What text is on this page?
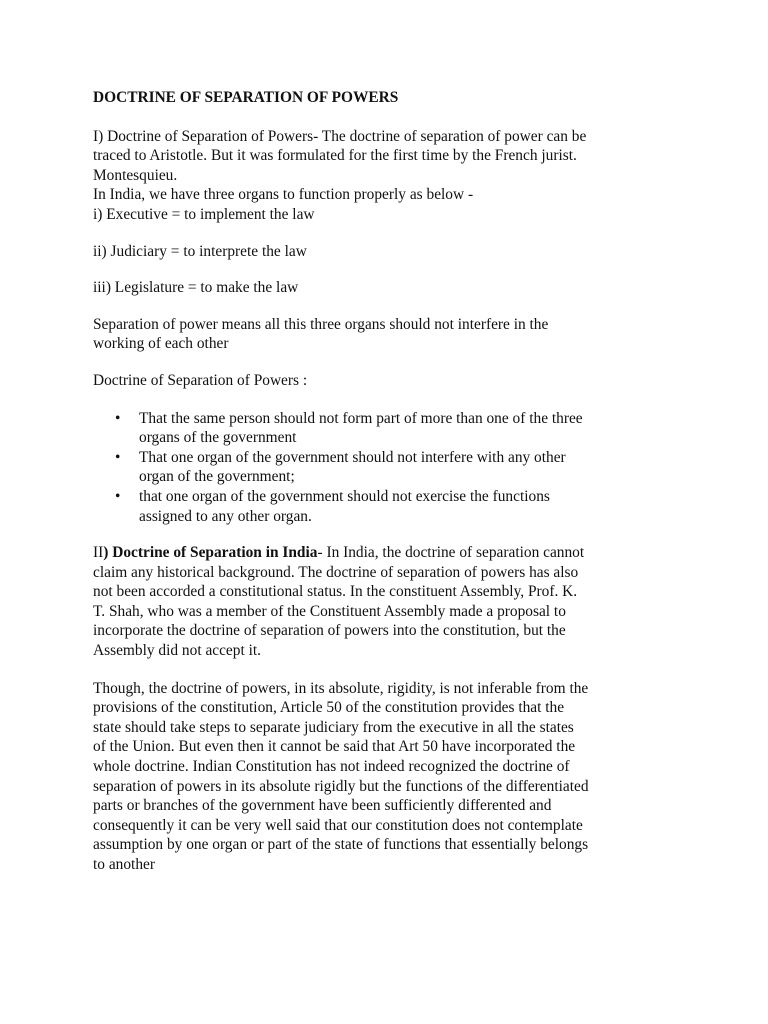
DOCTRINE OF SEPARATION OF POWERS

I) Doctrine of Separation of Powers- The doctrine of separation of power can be

traced to Aristotle. But it was formulated for the first time by the French jurist.

Montesquieu.

In India, we have three organs to function properly as below -

i) Executive = to implement the law

ii) Judiciary = to interprete the law

iii) Legislature = to make the law

Separation of power means all this three organs should not interfere in the

working of each other

Doctrine of Separation of Powers :

• That the same person should not form part of more than one of the three

organs of the government

• That one organ of the government should not interfere with any other

organ of the government;

• that one organ of the government should not exercise the functions

assigned to any other organ.

II) Doctrine of Separation in India- In India, the doctrine of separation cannot

claim any historical background. The doctrine of separation of powers has also

not been accorded a constitutional status. In the constituent Assembly, Prof. K.

T. Shah, who was a member of the Constituent Assembly made a proposal to

incorporate the doctrine of separation of powers into the constitution, but the

Assembly did not accept it.

Though, the doctrine of powers, in its absolute, rigidity, is not inferable from the

provisions of the constitution, Article 50 of the constitution provides that the

state should take steps to separate judiciary from the executive in all the states

of the Union. But even then it cannot be said that Art 50 have incorporated the

whole doctrine. Indian Constitution has not indeed recognized the doctrine of

separation of powers in its absolute rigidly but the functions of the differentiated

parts or branches of the government have been sufficiently differented and

consequently it can be very well said that our constitution does not contemplate

assumption by one organ or part of the state of functions that essentially belongs

to another
